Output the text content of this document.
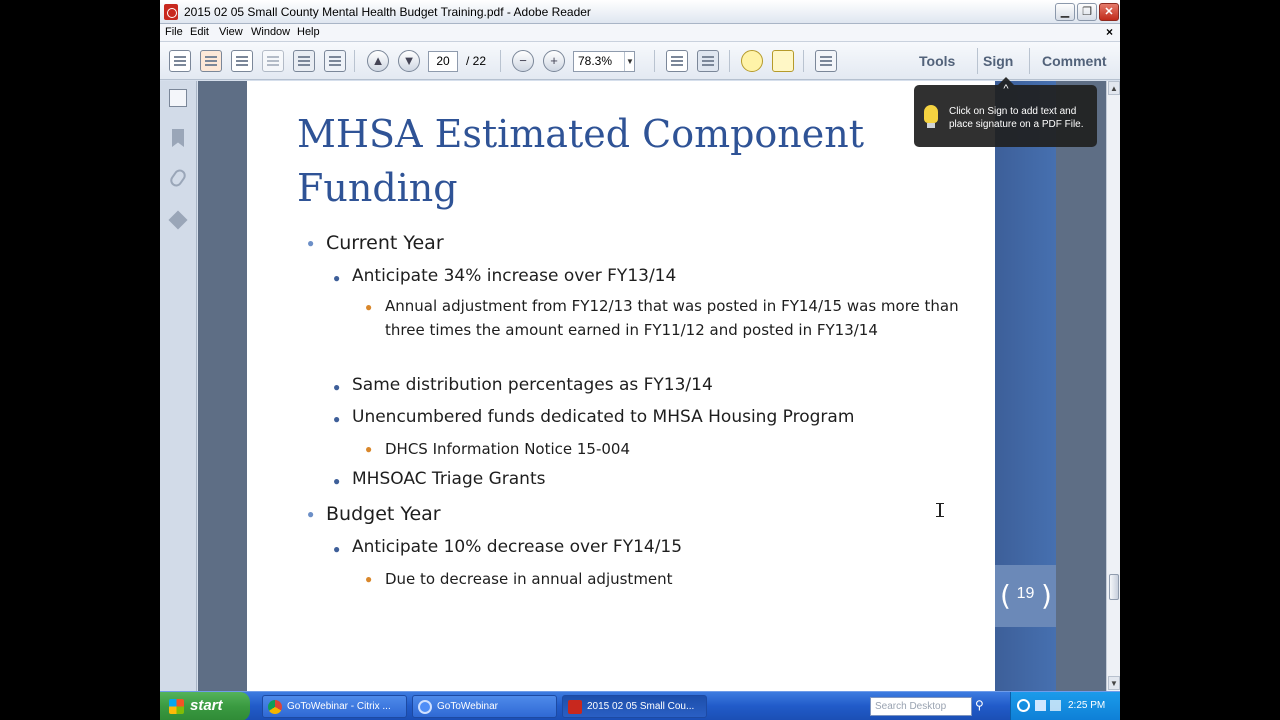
2015 02 05 Small County Mental Health Budget Training.pdf - Adobe Reader	▁	❐	✕
File Edit View Window Help	×
▲	▼	20	/ 22	−	+	78.3%	▼	Tools Sign Comment
MHSA Estimated Component Funding
● Current Year
● Anticipate 34% increase over FY13/14
● Annual adjustment from FY12/13 that was posted in FY14/15 was more than three times the amount earned in FY11/12 and posted in FY13/14
● Same distribution percentages as FY13/14
● Unencumbered funds dedicated to MHSA Housing Program
● DHCS Information Notice 15-004
● MHSOAC Triage Grants
● Budget Year
● Anticipate 10% decrease over FY14/15
● Due to decrease in annual adjustment	( 19 )
▲
▼
^
Click on Sign to add text and place signature on a PDF File.
start	GoToWebinar - Citrix ...	GoToWebinar	2015 02 05 Small Cou...	Search Desktop	⚲	2:25 PM
